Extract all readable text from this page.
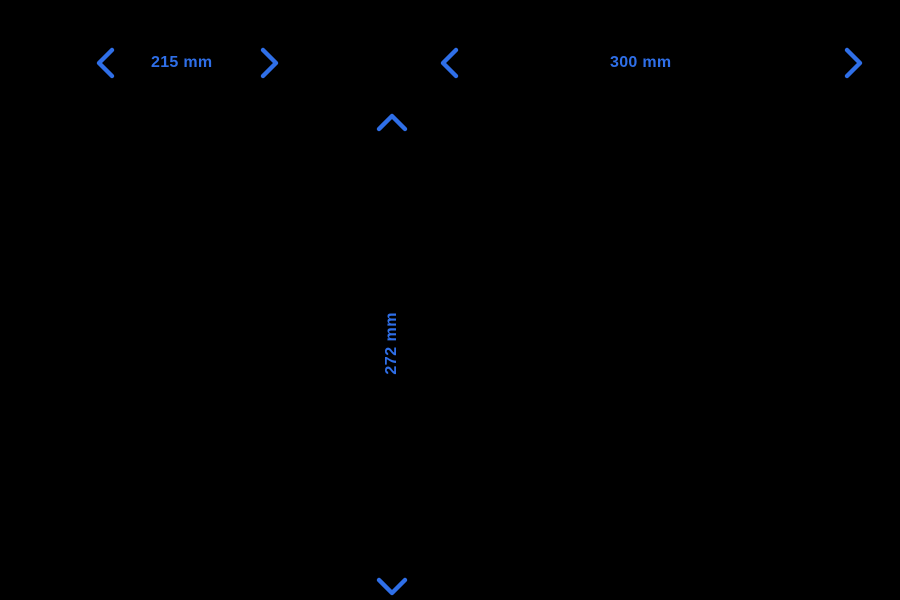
215 mm	300 mm
272 mm
